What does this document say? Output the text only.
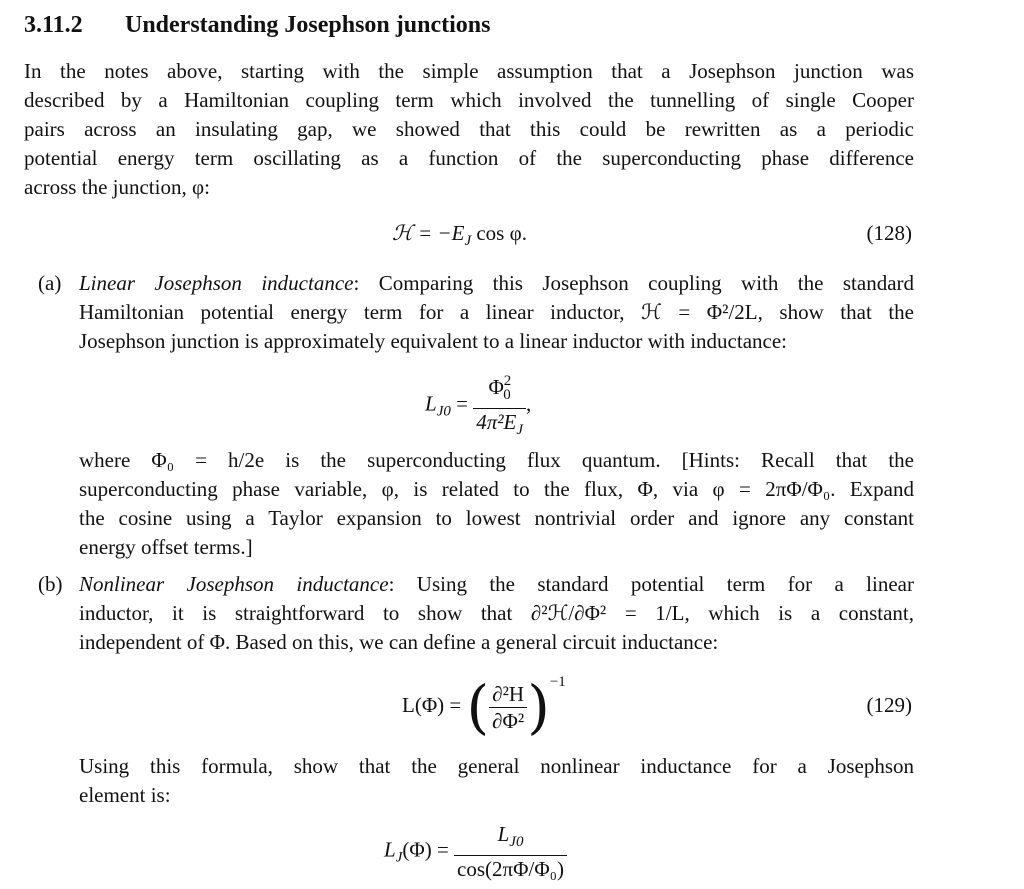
3.11.2 Understanding Josephson junctions
In the notes above, starting with the simple assumption that a Josephson junction was
described by a Hamiltonian coupling term which involved the tunnelling of single Cooper
pairs across an insulating gap, we showed that this could be rewritten as a periodic
potential energy term oscillating as a function of the superconducting phase difference
across the junction, φ:
ℋ = $-E_J$ cos φ.	(128)
(a) Linear Josephson inductance: Comparing this Josephson coupling with the standard
Hamiltonian potential energy term for a linear inductor, ℋ = Φ²/2L, show that the
Josephson junction is approximately equivalent to a linear inductor with inductance:
$L_{J0} = \frac{\Phi^2_0}{4\pi^2E_J}$ ,
where Φ₀ = h/2e is the superconducting flux quantum. [Hints: Recall that the
superconducting phase variable, φ, is related to the flux, Φ, via φ = 2πΦ/Φ₀. Expand
the cosine using a Taylor expansion to lowest nontrivial order and ignore any constant
energy offset terms.]
(b) Nonlinear Josephson inductance: Using the standard potential term for a linear
inductor, it is straightforward to show that ∂²ℋ/∂Φ² = 1/L, which is a constant,
independent of Φ. Based on this, we can define a general circuit inductance:
L(Φ) = ( $\frac{\text{∂²H}}{\text{∂Φ²}} )^{-1}$
(129)
Using this formula, show that the general nonlinear inductance for a Josephson
element is:
$L_J(\Phi) = \frac{L_{J0}}{\text{cos(2πΦ/Φ₀)}}$
